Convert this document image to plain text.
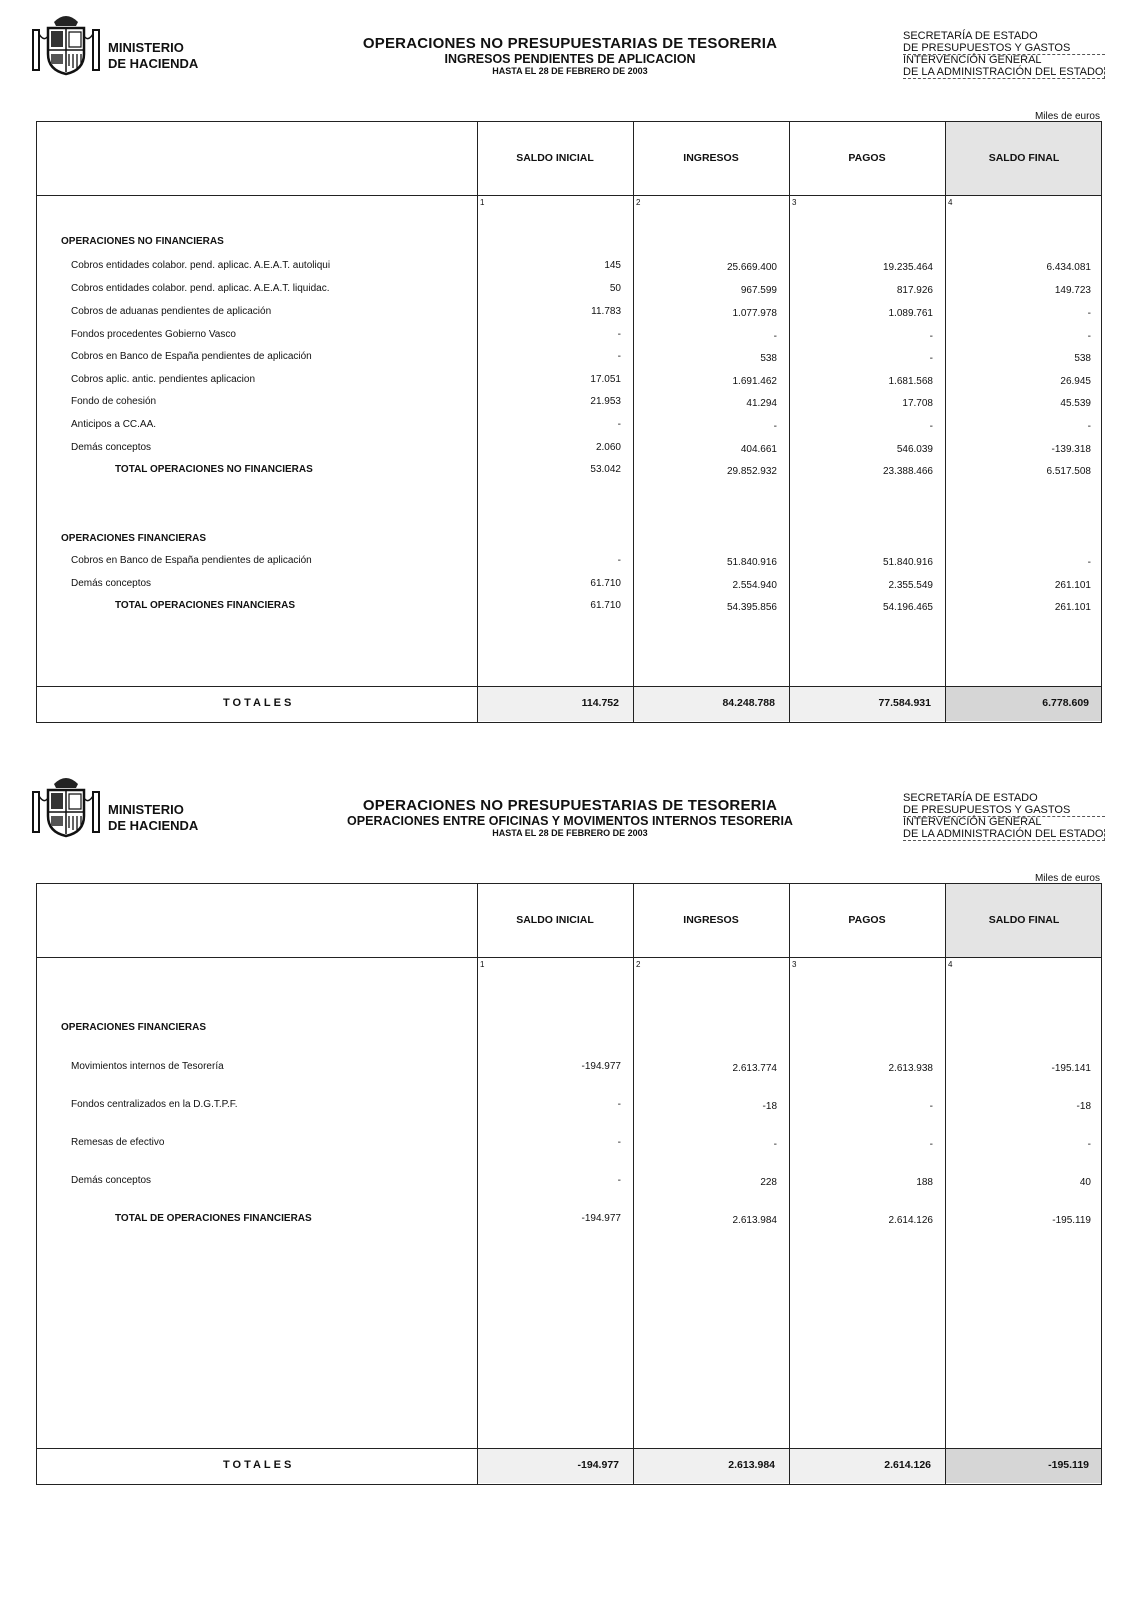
MINISTERIO
DE HACIENDA
OPERACIONES NO PRESUPUESTARIAS DE TESORERIA
INGRESOS PENDIENTES DE APLICACION
HASTA EL 28 DE FEBRERO DE 2003
SECRETARÍA DE ESTADO
DE PRESUPUESTOS Y GASTOS
INTERVENCIÓN GENERAL
DE LA ADMINISTRACIÓN DEL ESTADO
Miles de euros
SALDO INICIAL
1
INGRESOS
2
PAGOS
3
SALDO FINAL
4
OPERACIONES NO FINANCIERAS
Cobros entidades colabor. pend. aplicac. A.E.A.T. autoliqui	145	25.669.400	19.235.464	6.434.081
Cobros entidades colabor. pend. aplicac. A.E.A.T. liquidac.	50	967.599	817.926	149.723
Cobros de aduanas pendientes de aplicación	11.783	1.077.978	1.089.761	-
Fondos procedentes Gobierno Vasco	-	-	-	-
Cobros en Banco de España pendientes de aplicación	-	538	-	538
Cobros aplic. antic. pendientes aplicacion	17.051	1.691.462	1.681.568	26.945
Fondo de cohesión	21.953	41.294	17.708	45.539
Anticipos a CC.AA.	-	-	-	-
Demás conceptos	2.060	404.661	546.039	-139.318
TOTAL OPERACIONES NO FINANCIERAS	53.042	29.852.932	23.388.466	6.517.508
OPERACIONES FINANCIERAS
Cobros en Banco de España pendientes de aplicación	-	51.840.916	51.840.916	-
Demás conceptos	61.710	2.554.940	2.355.549	261.101
TOTAL OPERACIONES FINANCIERAS	61.710	54.395.856	54.196.465	261.101
TOTALES	114.752	84.248.788	77.584.931	6.778.609
MINISTERIO
DE HACIENDA
OPERACIONES NO PRESUPUESTARIAS DE TESORERIA
OPERACIONES ENTRE OFICINAS Y MOVIMENTOS INTERNOS TESORERIA
HASTA EL 28 DE FEBRERO DE 2003
SECRETARÍA DE ESTADO
DE PRESUPUESTOS Y GASTOS
INTERVENCIÓN GENERAL
DE LA ADMINISTRACIÓN DEL ESTADO
Miles de euros
SALDO INICIAL
1
INGRESOS
2
PAGOS
3
SALDO FINAL
4
OPERACIONES FINANCIERAS
Movimientos internos de Tesorería	-194.977	2.613.774	2.613.938	-195.141
Fondos centralizados en la D.G.T.P.F.	-	-18	-	-18
Remesas de efectivo	-	-	-	-
Demás conceptos	-	228	188	40
TOTAL DE OPERACIONES FINANCIERAS	-194.977	2.613.984	2.614.126	-195.119
TOTALES	-194.977	2.613.984	2.614.126	-195.119
